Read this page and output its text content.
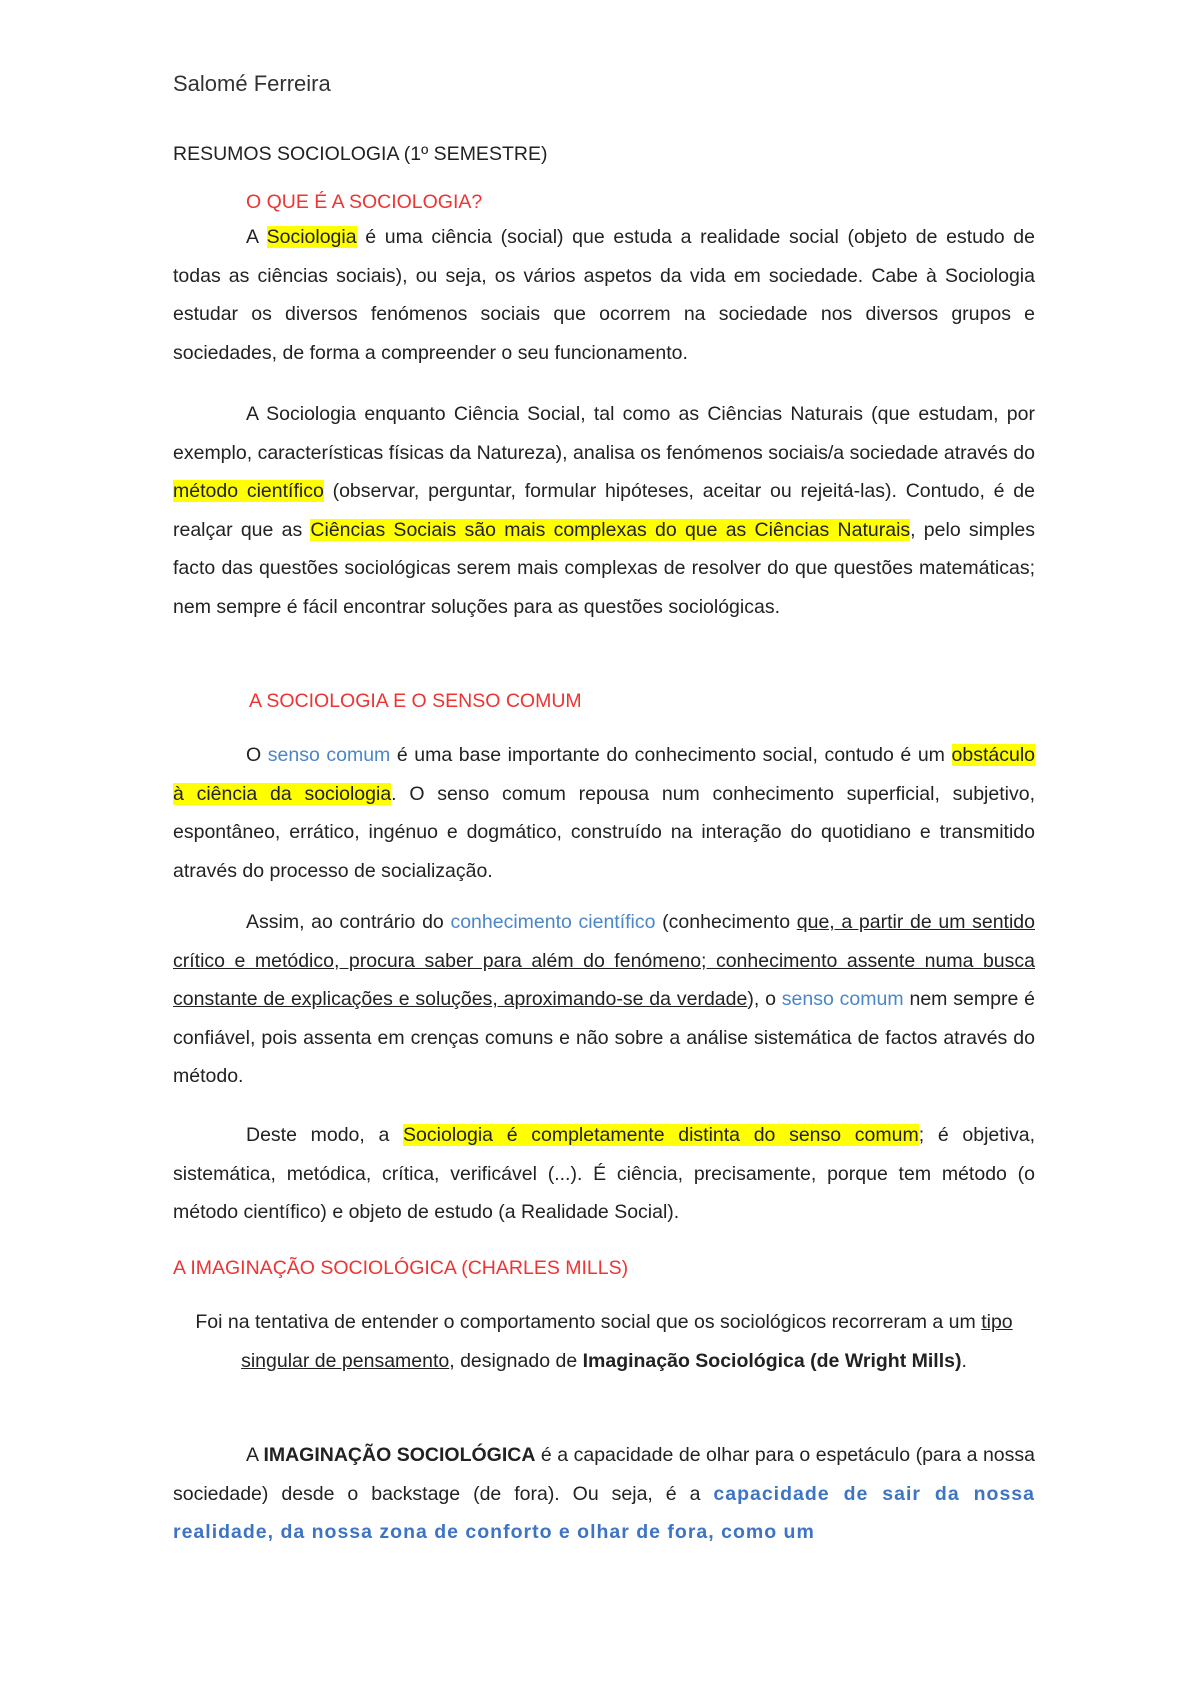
Salomé Ferreira
RESUMOS SOCIOLOGIA (1º SEMESTRE)
O QUE É A SOCIOLOGIA?

A Sociologia é uma ciência (social) que estuda a realidade social (objeto de estudo de todas as ciências sociais), ou seja, os vários aspetos da vida em sociedade. Cabe à Sociologia estudar os diversos fenómenos sociais que ocorrem na sociedade nos diversos grupos e sociedades, de forma a compreender o seu funcionamento.

A Sociologia enquanto Ciência Social, tal como as Ciências Naturais (que estudam, por exemplo, características físicas da Natureza), analisa os fenómenos sociais/a sociedade através do método científico (observar, perguntar, formular hipóteses, aceitar ou rejeitá-las). Contudo, é de realçar que as Ciências Sociais são mais complexas do que as Ciências Naturais, pelo simples facto das questões sociológicas serem mais complexas de resolver do que questões matemáticas; nem sempre é fácil encontrar soluções para as questões sociológicas.

A SOCIOLOGIA E O SENSO COMUM

O senso comum é uma base importante do conhecimento social, contudo é um obstáculo à ciência da sociologia. O senso comum repousa num conhecimento superficial, subjetivo, espontâneo, errático, ingénuo e dogmático, construído na interação do quotidiano e transmitido através do processo de socialização.

Assim, ao contrário do conhecimento científico (conhecimento que, a partir de um sentido crítico e metódico, procura saber para além do fenómeno; conhecimento assente numa busca constante de explicações e soluções, aproximando-se da verdade), o senso comum nem sempre é confiável, pois assenta em crenças comuns e não sobre a análise sistemática de factos através do método.

Deste modo, a Sociologia é completamente distinta do senso comum; é objetiva, sistemática, metódica, crítica, verificável (...). É ciência, precisamente, porque tem método (o método científico) e objeto de estudo (a Realidade Social).

A IMAGINAÇÃO SOCIOLÓGICA (CHARLES MILLS)

Foi na tentativa de entender o comportamento social que os sociológicos recorreram a um tipo singular de pensamento, designado de Imaginação Sociológica (de Wright Mills).

A IMAGINAÇÃO SOCIOLÓGICA é a capacidade de olhar para o espetáculo (para a nossa sociedade) desde o backstage (de fora). Ou seja, é a capacidade de sair da nossa realidade, da nossa zona de conforto e olhar de fora, como um
